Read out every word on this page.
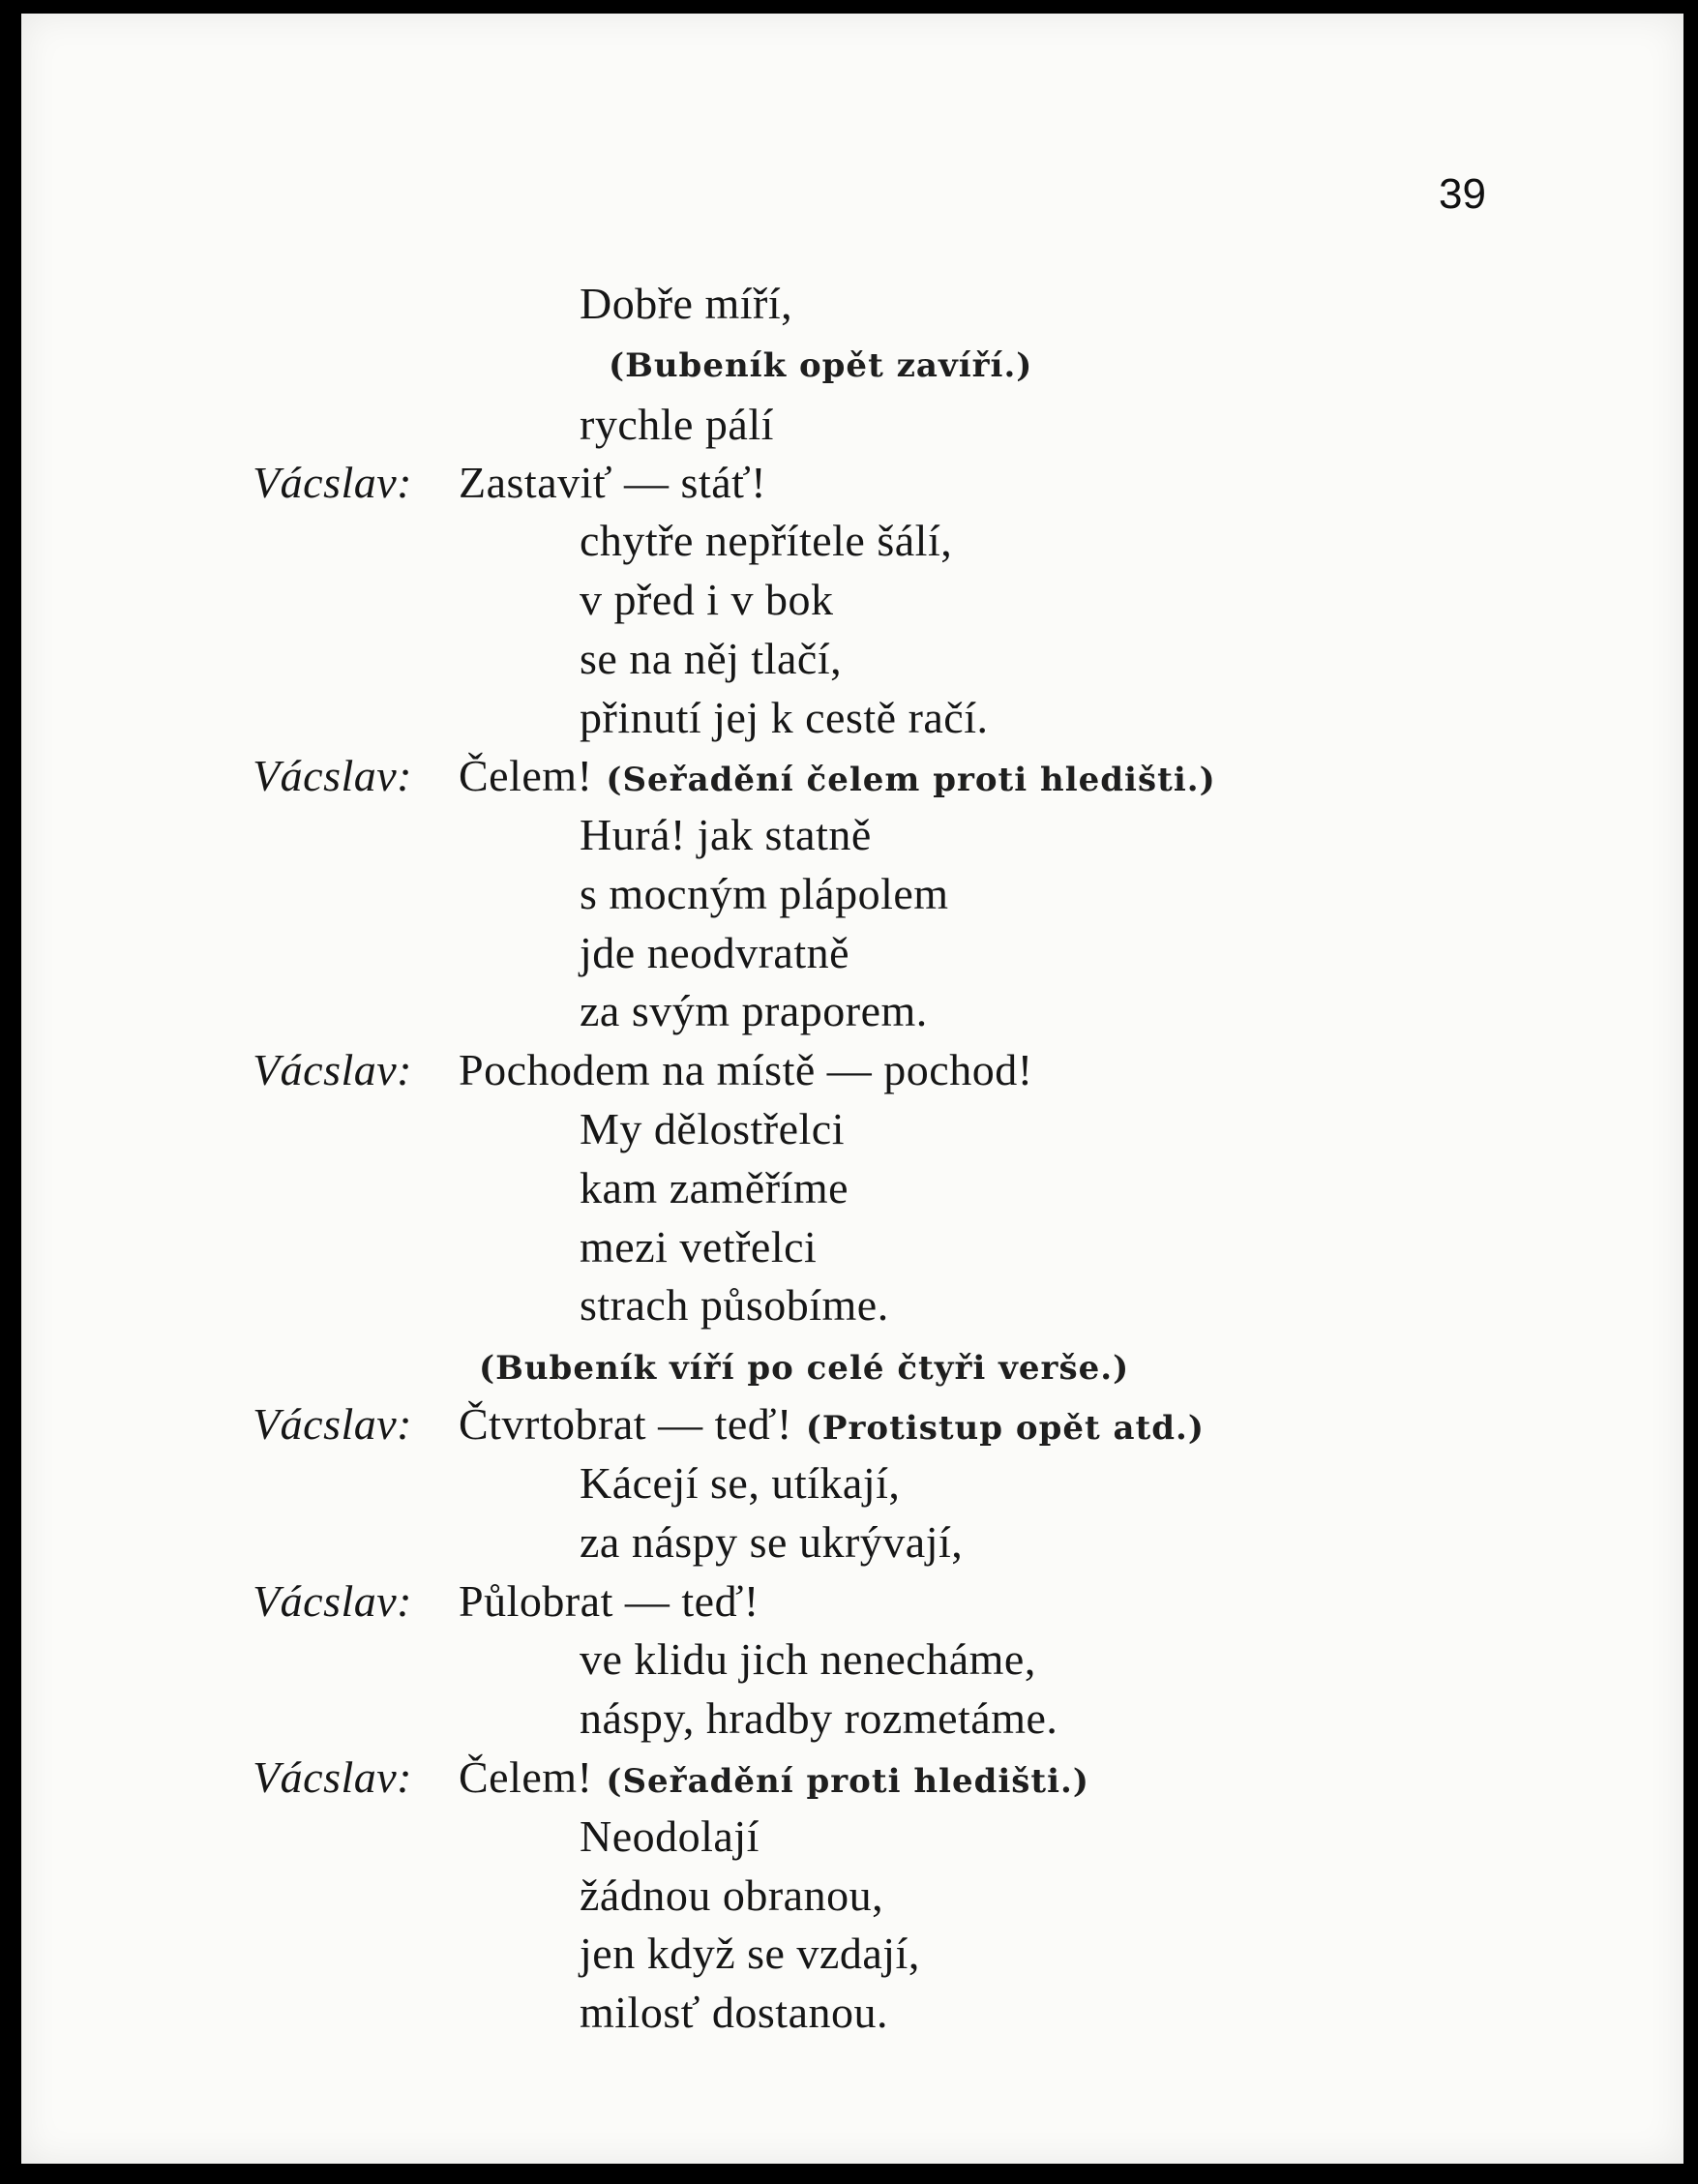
39
Dobře míří,
(Bubeník opět zavíří.)
rychle pálí
Vácslav: Zastaviť — stáť!
chytře nepřítele šálí,
v před i v bok
se na něj tlačí,
přinutí jej k cestě račí.
Vácslav: Čelem! (Seřadění čelem proti hledišti.)
Hurá! jak statně
s mocným plápolem
jde neodvratně
za svým praporem.
Vácslav: Pochodem na místě — pochod!
My dělostřelci
kam zaměříme
mezi vetřelci
strach působíme.
(Bubeník víří po celé čtyři verše.)
Vácslav: Čtvrtobrat — teď! (Protistup opět atd.)
Kácejí se, utíkají,
za náspy se ukrývají,
Vácslav: Půlobrat — teď!
ve klidu jich nenecháme,
náspy, hradby rozmetáme.
Vácslav: Čelem! (Seřadění proti hledišti.)
Neodolají
žádnou obranou,
jen když se vzdají,
milosť dostanou.
